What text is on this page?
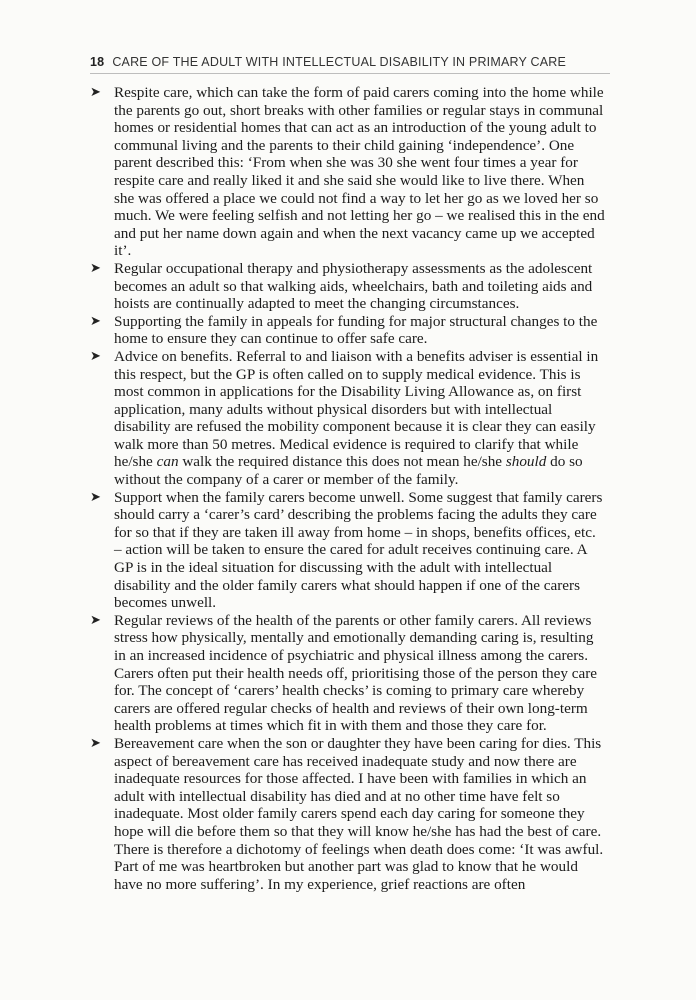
18 CARE OF THE ADULT WITH INTELLECTUAL DISABILITY IN PRIMARY CARE
➤ Respite care, which can take the form of paid carers coming into the home while the parents go out, short breaks with other families or regular stays in communal homes or residential homes that can act as an introduction of the young adult to communal living and the parents to their child gaining ‘independence’. One parent described this: ‘From when she was 30 she went four times a year for respite care and really liked it and she said she would like to live there. When she was offered a place we could not find a way to let her go as we loved her so much. We were feeling selfish and not letting her go – we realised this in the end and put her name down again and when the next vacancy came up we accepted it’.

➤ Regular occupational therapy and physiotherapy assessments as the adolescent becomes an adult so that walking aids, wheelchairs, bath and toileting aids and hoists are continually adapted to meet the changing circumstances.

➤ Supporting the family in appeals for funding for major structural changes to the home to ensure they can continue to offer safe care.

➤ Advice on benefits. Referral to and liaison with a benefits adviser is essential in this respect, but the GP is often called on to supply medical evidence. This is most common in applications for the Disability Living Allowance as, on first application, many adults without physical disorders but with intellectual disability are refused the mobility component because it is clear they can easily walk more than 50 metres. Medical evidence is required to clarify that while he/she can walk the required distance this does not mean he/she should do so without the company of a carer or member of the family.

➤ Support when the family carers become unwell. Some suggest that family carers should carry a ‘carer’s card’ describing the problems facing the adults they care for so that if they are taken ill away from home – in shops, benefits offices, etc. – action will be taken to ensure the cared for adult receives continuing care. A GP is in the ideal situation for discussing with the adult with intellectual disability and the older family carers what should happen if one of the carers becomes unwell.

➤ Regular reviews of the health of the parents or other family carers. All reviews stress how physically, mentally and emotionally demanding caring is, resulting in an increased incidence of psychiatric and physical illness among the carers. Carers often put their health needs off, prioritising those of the person they care for. The concept of ‘carers’ health checks’ is coming to primary care whereby carers are offered regular checks of health and reviews of their own long-term health problems at times which fit in with them and those they care for.

➤ Bereavement care when the son or daughter they have been caring for dies. This aspect of bereavement care has received inadequate study and now there are inadequate resources for those affected. I have been with families in which an adult with intellectual disability has died and at no other time have felt so inadequate. Most older family carers spend each day caring for someone they hope will die before them so that they will know he/she has had the best of care. There is therefore a dichotomy of feelings when death does come: ‘It was awful. Part of me was heartbroken but another part was glad to know that he would have no more suffering’. In my experience, grief reactions are often
